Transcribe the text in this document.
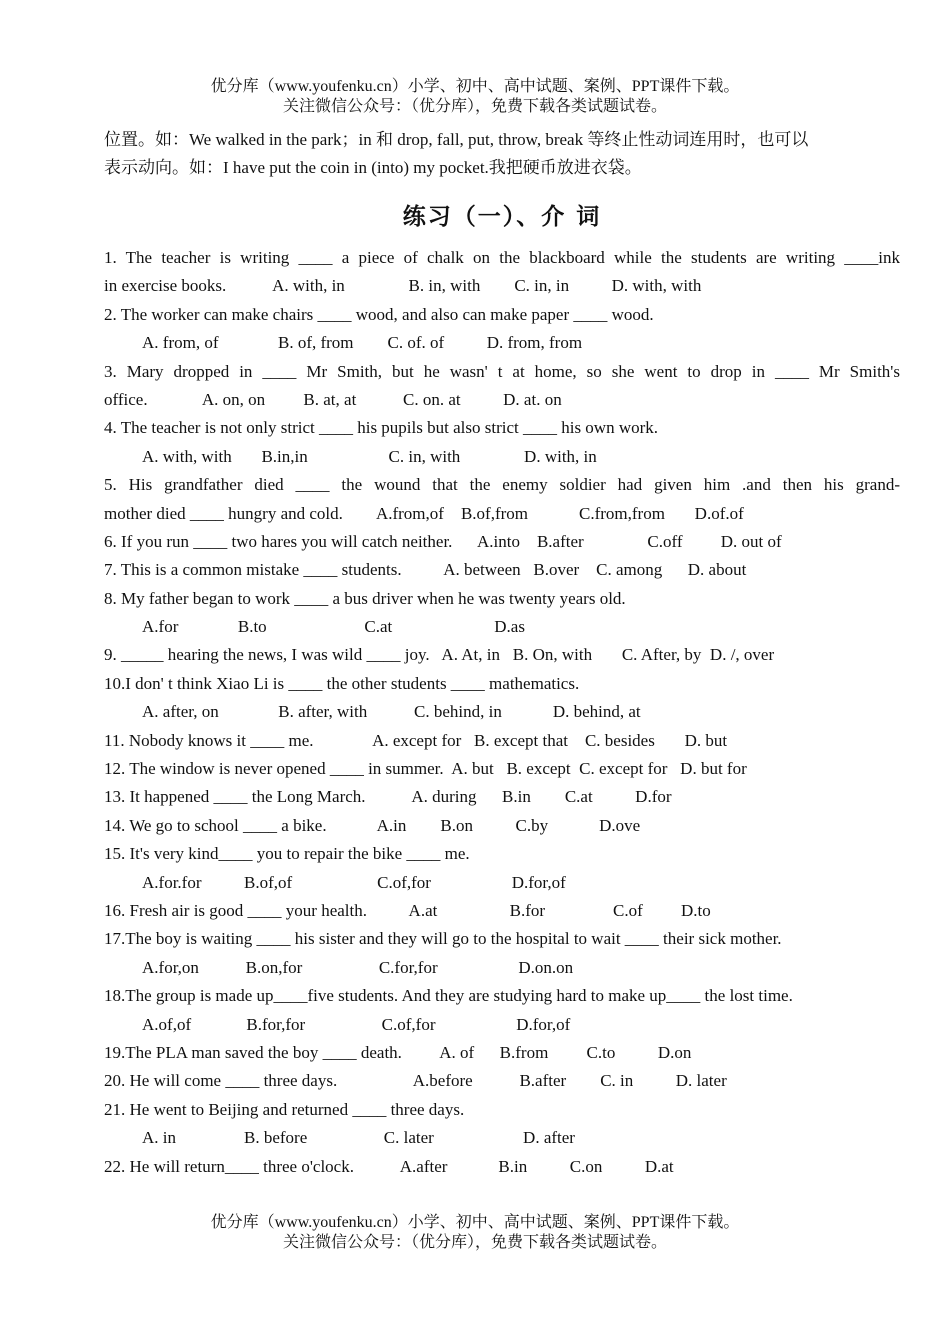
优分库（www.youfenku.cn）小学、初中、高中试题、案例、PPT课件下载。
关注微信公众号：（优分库），免费下载各类试题试卷。

位置。如：We walked in the park；in 和 drop, fall, put, throw, break 等终止性动词连用时，也可以
表示动向。如：I have put the coin in (into) my pocket.我把硬币放进衣袋。

练习（一）、介 词
1. The teacher is writing ____ a piece of chalk on the blackboard while the students are writing ____ink
in exercise books.           A. with, in               B. in, with        C. in, in          D. with, with
2. The worker can make chairs ____ wood, and also can make paper ____ wood.
A. from, of              B. of, from        C. of. of          D. from, from
3. Mary dropped in ____ Mr Smith, but he wasn' t at home, so she went to drop in ____ Mr Smith's
office.             A. on, on         B. at, at           C. on. at          D. at. on
4. The teacher is not only strict ____ his pupils but also strict ____ his own work.
A. with, with       B.in,in                   C. in, with               D. with, in
5. His grandfather died ____ the wound that the enemy soldier had given him .and then his grand-
mother died ____ hungry and cold.        A.from,of    B.of,from            C.from,from       D.of.of
6. If you run ____ two hares you will catch neither.      A.into    B.after               C.off         D. out of
7. This is a common mistake ____ students.          A. between   B.over    C. among      D. about
8. My father began to work ____ a bus driver when he was twenty years old.
A.for              B.to                       C.at                        D.as
9. _____ hearing the news, I was wild ____ joy.   A. At, in   B. On, with       C. After, by  D. /, over
10.I don' t think Xiao Li is ____ the other students ____ mathematics.
A. after, on              B. after, with           C. behind, in            D. behind, at
11. Nobody knows it ____ me.              A. except for   B. except that    C. besides       D. but
12. The window is never opened ____ in summer.  A. but   B. except  C. except for   D. but for
13. It happened ____ the Long March.           A. during      B.in        C.at          D.for
14. We go to school ____ a bike.            A.in        B.on          C.by            D.ove
15. It's very kind____ you to repair the bike ____ me.
A.for.for          B.of,of                    C.of,for                   D.for,of
16. Fresh air is good ____ your health.          A.at                 B.for                C.of         D.to
17.The boy is waiting ____ his sister and they will go to the hospital to wait ____ their sick mother.
A.for,on           B.on,for                  C.for,for                   D.on.on
18.The group is made up____five students. And they are studying hard to make up____ the lost time.
A.of,of             B.for,for                  C.of,for                   D.for,of
19.The PLA man saved the boy ____ death.         A. of      B.from         C.to          D.on
20. He will come ____ three days.                  A.before           B.after        C. in          D. later
21. He went to Beijing and returned ____ three days.
A. in                B. before                  C. later                     D. after
22. He will return____ three o'clock.           A.after            B.in          C.on          D.at
优分库（www.youfenku.cn）小学、初中、高中试题、案例、PPT课件下载。
关注微信公众号：（优分库），免费下载各类试题试卷。
